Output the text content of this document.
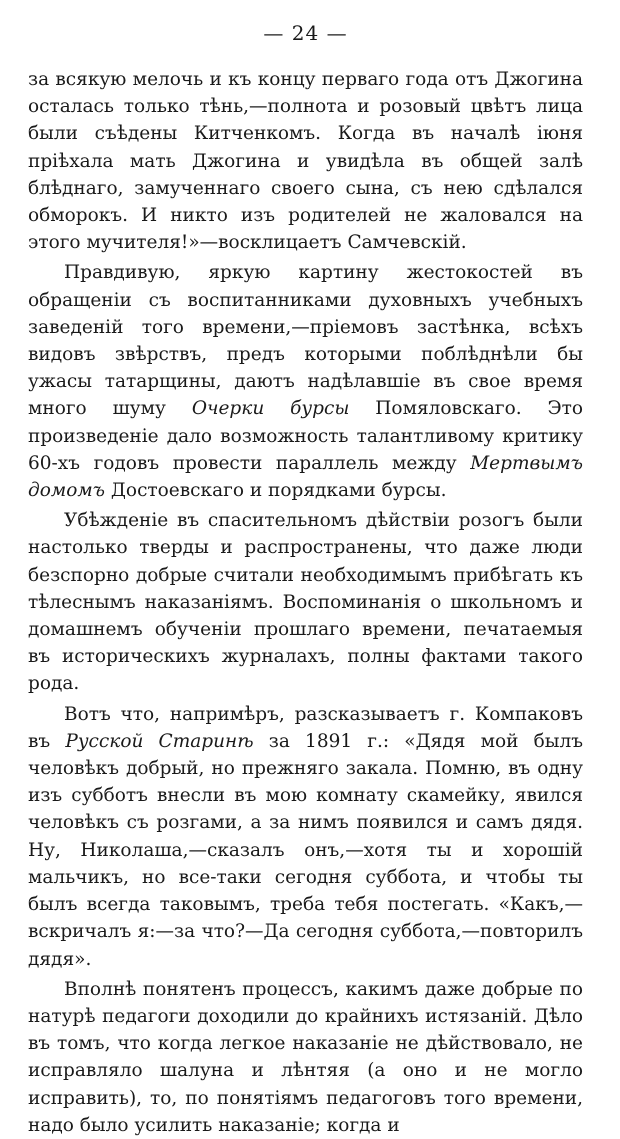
— 24 —

за всякую мелочь и къ концу перваго года отъ Джогина осталась только тѣнь,—полнота и розовый цвѣтъ лица были съѣдены Китченкомъ. Когда въ началѣ іюня пріѣхала мать Джогина и увидѣла въ общей залѣ блѣднаго, замученнаго своего сына, съ нею сдѣлался обморокъ. И никто изъ родителей не жаловался на этого мучителя!»—восклицаетъ Самчевскій.

Правдивую, яркую картину жестокостей въ обращеніи съ воспитанниками духовныхъ учебныхъ заведеній того времени,—пріемовъ застѣнка, всѣхъ видовъ звѣрствъ, предъ которыми поблѣднѣли бы ужасы татарщины, даютъ надѣлавшіе въ свое время много шуму Очерки бурсы Помяловскаго. Это произведеніе дало возможность талантливому критику 60-хъ годовъ провести параллель между Мертвымъ домомъ Достоевскаго и порядками бурсы.

Убѣжденіе въ спасительномъ дѣйствіи розогъ были настолько тверды и распространены, что даже люди безспорно добрые считали необходимымъ прибѣгать къ тѣлеснымъ наказаніямъ. Воспоминанія о школьномъ и домашнемъ обученіи прошлаго времени, печатаемыя въ историческихъ журналахъ, полны фактами такого рода.

Вотъ что, напримѣръ, разсказываетъ г. Компаковъ въ Русской Старинѣ за 1891 г.: «Дядя мой былъ человѣкъ добрый, но прежняго закала. Помню, въ одну изъ субботъ внесли въ мою комнату скамейку, явился человѣкъ съ розгами, а за нимъ появился и самъ дядя. Ну, Николаша,—сказалъ онъ,—хотя ты и хорошій мальчикъ, но все-таки сегодня суббота, и чтобы ты былъ всегда таковымъ, треба тебя постегать. «Какъ,—вскричалъ я:—за что?—Да сегодня суббота,—повторилъ дядя».

Вполнѣ понятенъ процессъ, какимъ даже добрые по натурѣ педагоги доходили до крайнихъ истязаній. Дѣло въ томъ, что когда легкое наказаніе не дѣйствовало, не исправляло шалуна и лѣнтяя (а оно и не могло исправить), то, по понятіямъ педагоговъ того времени, надо было усилить наказаніе; когда и
